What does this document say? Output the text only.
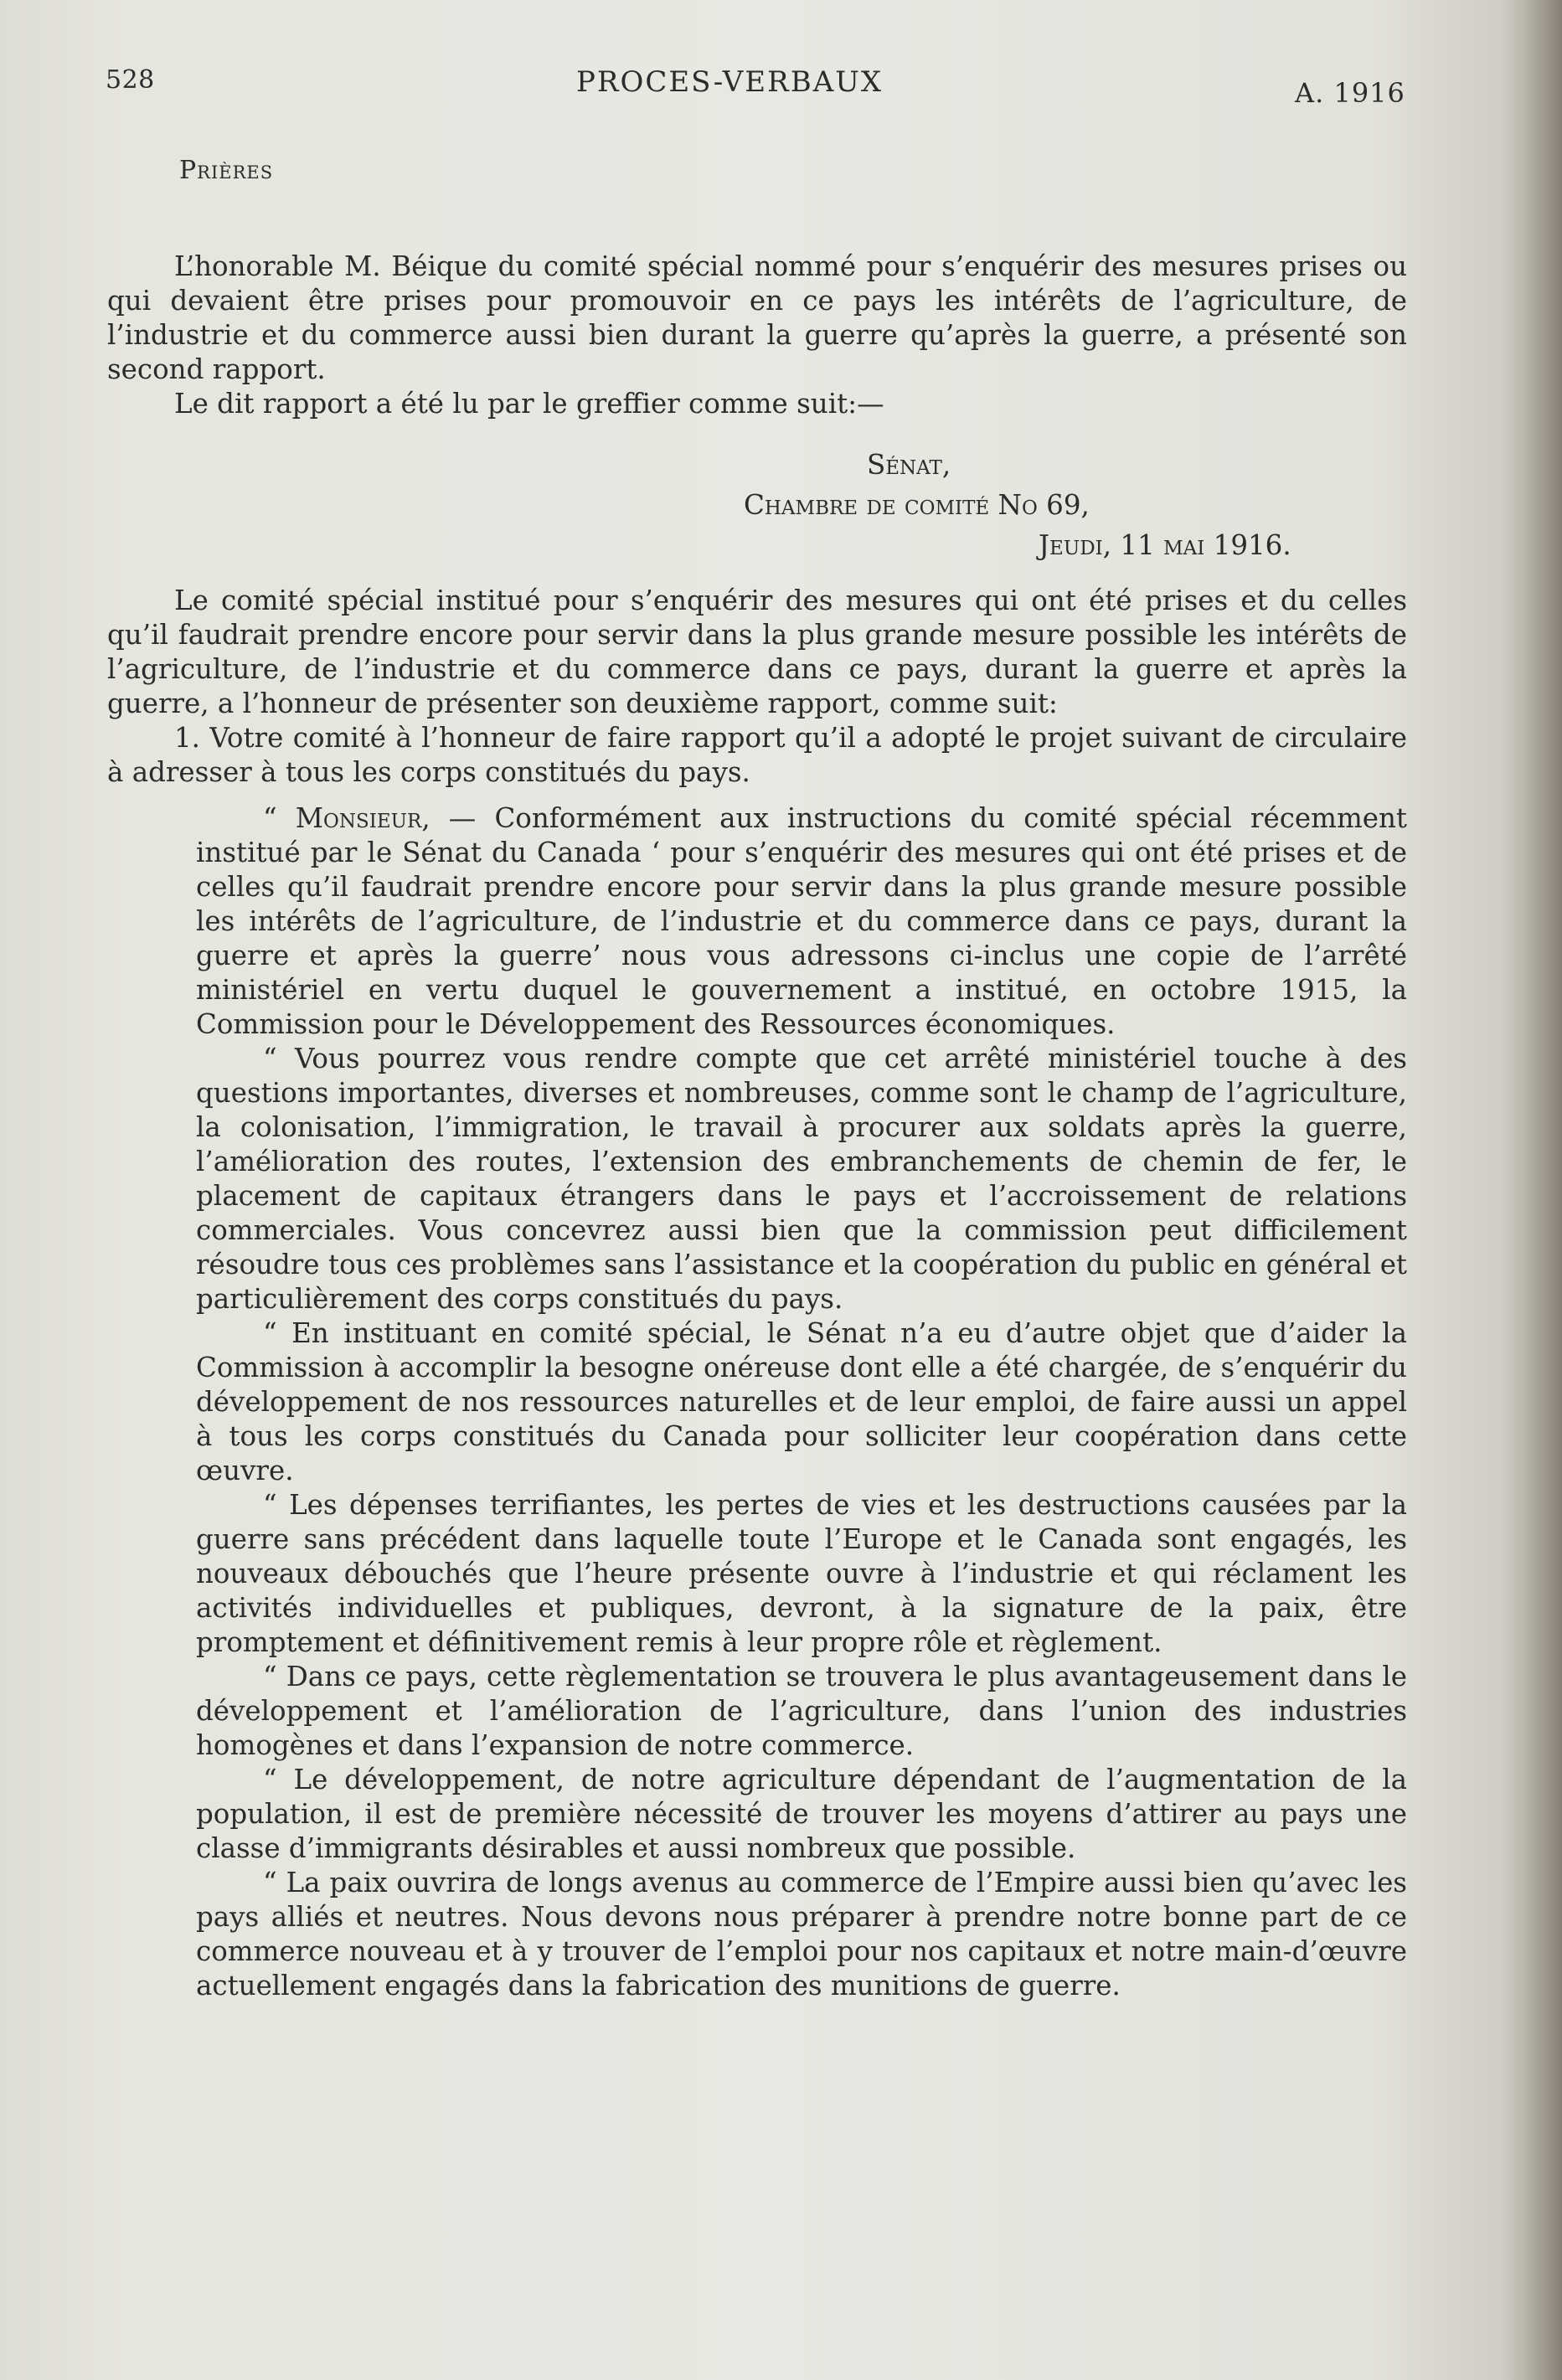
528	PROCES-VERBAUX	A. 1916
Prières

L’honorable M. Béique du comité spécial nommé pour s’enquérir des mesures prises ou qui devaient être prises pour promouvoir en ce pays les intérêts de l’agriculture, de l’industrie et du commerce aussi bien durant la guerre qu’après la guerre, a présenté son second rapport.

Le dit rapport a été lu par le greffier comme suit:—

Sénat,
Chambre de comité No 69,
Jeudi, 11 mai 1916.

Le comité spécial institué pour s’enquérir des mesures qui ont été prises et du celles qu’il faudrait prendre encore pour servir dans la plus grande mesure possible les intérêts de l’agriculture, de l’industrie et du commerce dans ce pays, durant la guerre et après la guerre, a l’honneur de présenter son deuxième rapport, comme suit:

1. Votre comité à l’honneur de faire rapport qu’il a adopté le projet suivant de circulaire à adresser à tous les corps constitués du pays.

“ Monsieur, — Conformément aux instructions du comité spécial récemment institué par le Sénat du Canada ‘ pour s’enquérir des mesures qui ont été prises et de celles qu’il faudrait prendre encore pour servir dans la plus grande mesure possible les intérêts de l’agriculture, de l’industrie et du commerce dans ce pays, durant la guerre et après la guerre’ nous vous adressons ci-inclus une copie de l’arrêté ministériel en vertu duquel le gouvernement a institué, en octobre 1915, la Commission pour le Développement des Ressources économiques.

“ Vous pourrez vous rendre compte que cet arrêté ministériel touche à des questions importantes, diverses et nombreuses, comme sont le champ de l’agriculture, la colonisation, l’immigration, le travail à procurer aux soldats après la guerre, l’amélioration des routes, l’extension des embranchements de chemin de fer, le placement de capitaux étrangers dans le pays et l’accroissement de relations commerciales. Vous concevrez aussi bien que la commission peut difficilement résoudre tous ces problèmes sans l’assistance et la coopération du public en général et particulièrement des corps constitués du pays.

“ En instituant en comité spécial, le Sénat n’a eu d’autre objet que d’aider la Commission à accomplir la besogne onéreuse dont elle a été chargée, de s’enquérir du développement de nos ressources naturelles et de leur emploi, de faire aussi un appel à tous les corps constitués du Canada pour solliciter leur coopération dans cette œuvre.

“ Les dépenses terrifiantes, les pertes de vies et les destructions causées par la guerre sans précédent dans laquelle toute l’Europe et le Canada sont engagés, les nouveaux débouchés que l’heure présente ouvre à l’industrie et qui réclament les activités individuelles et publiques, devront, à la signature de la paix, être promptement et définitivement remis à leur propre rôle et règlement.

“ Dans ce pays, cette règlementation se trouvera le plus avantageusement dans le développement et l’amélioration de l’agriculture, dans l’union des industries homogènes et dans l’expansion de notre commerce.

“ Le développement, de notre agriculture dépendant de l’augmentation de la population, il est de première nécessité de trouver les moyens d’attirer au pays une classe d’immigrants désirables et aussi nombreux que possible.

“ La paix ouvrira de longs avenus au commerce de l’Empire aussi bien qu’avec les pays alliés et neutres. Nous devons nous préparer à prendre notre bonne part de ce commerce nouveau et à y trouver de l’emploi pour nos capitaux et notre main-d’œuvre actuellement engagés dans la fabrication des munitions de guerre.
